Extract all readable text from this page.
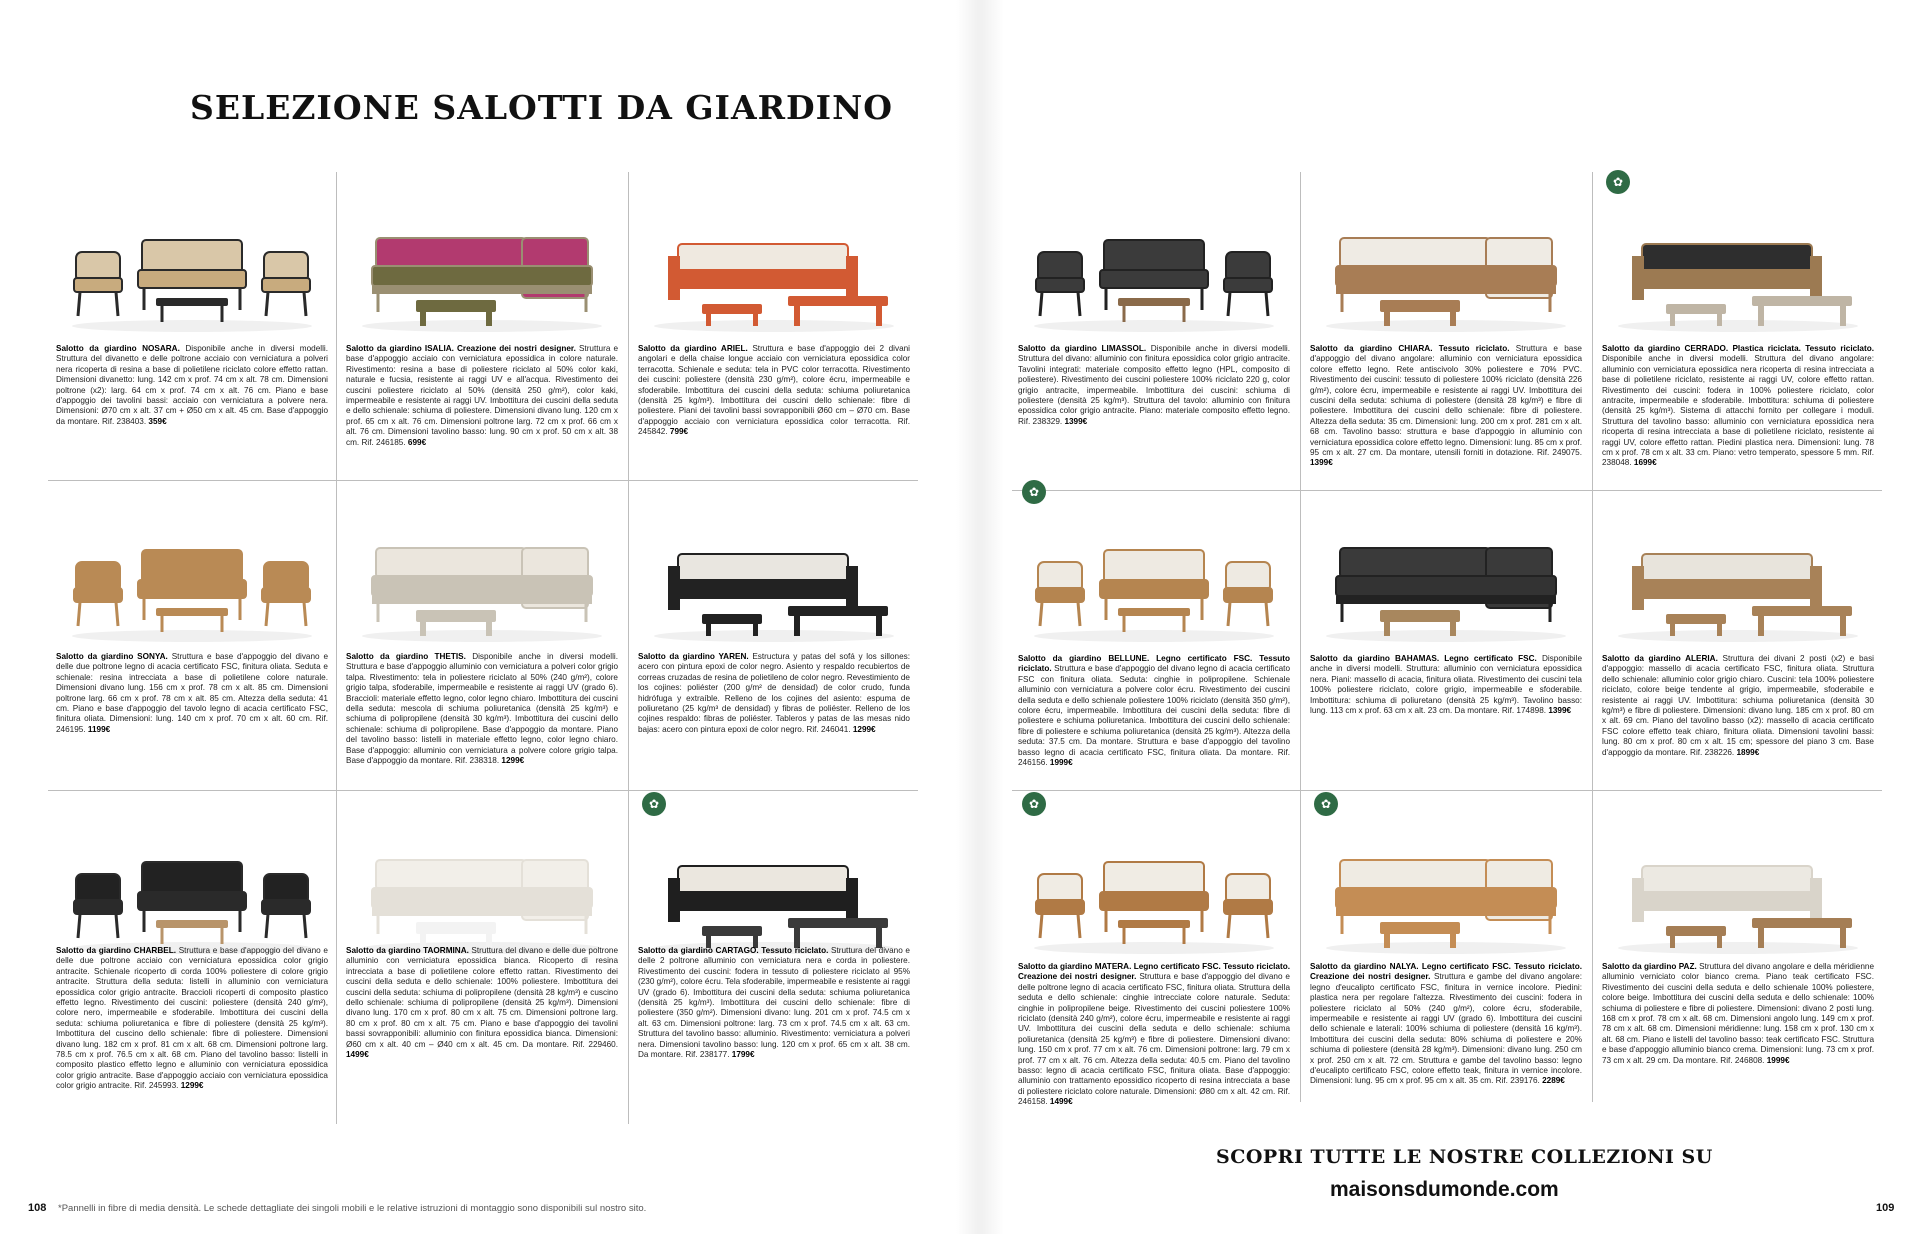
SELEZIONE SALOTTI DA GIARDINO
Salotto da giardino NOSARA. Disponibile anche in diversi modelli. Struttura del divanetto e delle poltrone acciaio con verniciatura a polveri nera ricoperta di resina a base di polietilene riciclato colore effetto rattan. Dimensioni divanetto: lung. 142 cm x prof. 74 cm x alt. 78 cm. Dimensioni poltrone (x2): larg. 64 cm x prof. 74 cm x alt. 76 cm. Piano e base d'appoggio dei tavolini bassi: acciaio con verniciatura a polvere nera. Dimensioni: Ø70 cm x alt. 37 cm + Ø50 cm x alt. 45 cm. Base d'appoggio da montare. Rif. 238403. 359€
Salotto da giardino ISALIA. Creazione dei nostri designer. Struttura e base d'appoggio acciaio con verniciatura epossidica in colore naturale. Rivestimento: resina a base di poliestere riciclato al 50% color kaki, naturale e fucsia, resistente ai raggi UV e all'acqua. Rivestimento dei cuscini poliestere riciclato al 50% (densità 250 g/m²), color kaki, impermeabile e resistente ai raggi UV. Imbottitura dei cuscini della seduta e dello schienale: schiuma di poliestere. Dimensioni divano lung. 120 cm x prof. 65 cm x alt. 76 cm. Dimensioni poltrone larg. 72 cm x prof. 66 cm x alt. 76 cm. Dimensioni tavolino basso: lung. 90 cm x prof. 50 cm x alt. 38 cm. Rif. 246185. 699€
Salotto da giardino ARIEL. Struttura e base d'appoggio dei 2 divani angolari e della chaise longue acciaio con verniciatura epossidica color terracotta. Schienale e seduta: tela in PVC color terracotta. Rivestimento dei cuscini: poliestere (densità 230 g/m²), colore écru, impermeabile e sfoderabile. Imbottitura dei cuscini della seduta: schiuma poliuretanica (densità 25 kg/m³). Imbottitura dei cuscini dello schienale: fibre di poliestere. Piani dei tavolini bassi sovrapponibili Ø60 cm – Ø70 cm. Base d'appoggio acciaio con verniciatura epossidica color terracotta. Rif. 245842. 799€
Salotto da giardino LIMASSOL. Disponibile anche in diversi modelli. Struttura del divano: alluminio con finitura epossidica color grigio antracite. Tavolini integrati: materiale composito effetto legno (HPL, composito di poliestere). Rivestimento dei cuscini poliestere 100% riciclato 220 g, color grigio antracite, impermeabile. Imbottitura dei cuscini: schiuma di poliestere (densità 25 kg/m³). Struttura del tavolo: alluminio con finitura epossidica color grigio antracite. Piano: materiale composito effetto legno. Rif. 238329. 1399€
Salotto da giardino CHIARA. Tessuto riciclato. Struttura e base d'appoggio del divano angolare: alluminio con verniciatura epossidica colore effetto legno. Rete antiscivolo 30% poliestere e 70% PVC. Rivestimento dei cuscini: tessuto di poliestere 100% riciclato (densità 226 g/m²), colore écru, impermeabile e resistente ai raggi UV. Imbottitura dei cuscini della seduta: schiuma di poliestere (densità 28 kg/m³) e fibre di poliestere. Imbottitura dei cuscini dello schienale: fibre di poliestere. Altezza della seduta: 35 cm. Dimensioni: lung. 200 cm x prof. 281 cm x alt. 68 cm. Tavolino basso: struttura e base d'appoggio in alluminio con verniciatura epossidica colore effetto legno. Dimensioni: lung. 85 cm x prof. 95 cm x alt. 27 cm. Da montare, utensili forniti in dotazione. Rif. 249075. 1399€
✿
Salotto da giardino CERRADO. Plastica riciclata. Tessuto riciclato. Disponibile anche in diversi modelli. Struttura del divano angolare: alluminio con verniciatura epossidica nera ricoperta di resina intrecciata a base di polietilene riciclato, resistente ai raggi UV, colore effetto rattan. Rivestimento dei cuscini: fodera in 100% poliestere riciclato, color antracite, impermeabile e sfoderabile. Imbottitura: schiuma di poliestere (densità 25 kg/m³). Sistema di attacchi fornito per collegare i moduli. Struttura del tavolino basso: alluminio con verniciatura epossidica nera ricoperta di resina intrecciata a base di polietilene riciclato, resistente ai raggi UV, colore effetto rattan. Piedini plastica nera. Dimensioni: lung. 78 cm x prof. 78 cm x alt. 33 cm. Piano: vetro temperato, spessore 5 mm. Rif. 238048. 1699€
Salotto da giardino SONYA. Struttura e base d'appoggio del divano e delle due poltrone legno di acacia certificato FSC, finitura oliata. Seduta e schienale: resina intrecciata a base di polietilene colore naturale. Dimensioni divano lung. 156 cm x prof. 78 cm x alt. 85 cm. Dimensioni poltrone larg. 66 cm x prof. 78 cm x alt. 85 cm. Altezza della seduta: 41 cm. Piano e base d'appoggio del tavolo legno di acacia certificato FSC, finitura oliata. Dimensioni: lung. 140 cm x prof. 70 cm x alt. 60 cm. Rif. 246195. 1199€
Salotto da giardino THETIS. Disponibile anche in diversi modelli. Struttura e base d'appoggio alluminio con verniciatura a polveri color grigio talpa. Rivestimento: tela in poliestere riciclato al 50% (240 g/m²), colore grigio talpa, sfoderabile, impermeabile e resistente ai raggi UV (grado 6). Braccioli: materiale effetto legno, color legno chiaro. Imbottitura dei cuscini della seduta: mescola di schiuma poliuretanica (densità 25 kg/m³) e schiuma di polipropilene (densità 30 kg/m³). Imbottitura dei cuscini dello schienale: schiuma di polipropilene. Base d'appoggio da montare. Piano del tavolino basso: listelli in materiale effetto legno, color legno chiaro. Base d'appoggio: alluminio con verniciatura a polvere colore grigio talpa. Base d'appoggio da montare. Rif. 238318. 1299€
Salotto da giardino YAREN. Estructura y patas del sofá y los sillones: acero con pintura epoxi de color negro. Asiento y respaldo recubiertos de correas cruzadas de resina de polietileno de color negro. Revestimiento de los cojines: poliéster (200 g/m² de densidad) de color crudo, funda hidrófuga y extraíble. Relleno de los cojines del asiento: espuma de poliuretano (25 kg/m³ de densidad) y fibras de poliéster. Relleno de los cojines respaldo: fibras de poliéster. Tableros y patas de las mesas nido bajas: acero con pintura epoxi de color negro. Rif. 246041. 1299€
✿
Salotto da giardino BELLUNE. Legno certificato FSC. Tessuto riciclato. Struttura e base d'appoggio del divano legno di acacia certificato FSC con finitura oliata. Seduta: cinghie in polipropilene. Schienale alluminio con verniciatura a polvere color écru. Rivestimento dei cuscini della seduta e dello schienale poliestere 100% riciclato (densità 350 g/m²), colore écru, impermeabile. Imbottitura dei cuscini della seduta: fibre di poliestere e schiuma poliuretanica. Imbottitura dei cuscini dello schienale: fibre di poliestere e schiuma poliuretanica (densità 25 kg/m³). Altezza della seduta: 37.5 cm. Da montare. Struttura e base d'appoggio del tavolino basso legno di acacia certificato FSC, finitura oliata. Da montare. Rif. 246156. 1999€
Salotto da giardino BAHAMAS. Legno certificato FSC. Disponibile anche in diversi modelli. Struttura: alluminio con verniciatura epossidica nera. Piani: massello di acacia, finitura oliata. Rivestimento dei cuscini tela 100% poliestere riciclato, colore grigio, impermeabile e sfoderabile. Imbottitura: schiuma di poliuretano (densità 25 kg/m³). Tavolino basso: lung. 113 cm x prof. 63 cm x alt. 23 cm. Da montare. Rif. 174898. 1399€
Salotto da giardino ALERIA. Struttura dei divani 2 posti (x2) e basi d'appoggio: massello di acacia certificato FSC, finitura oliata. Struttura dello schienale: alluminio color grigio chiaro. Cuscini: tela 100% poliestere riciclato, colore beige tendente al grigio, impermeabile, sfoderabile e resistente ai raggi UV. Imbottitura: schiuma poliuretanica (densità 30 kg/m³) e fibre di poliestere. Dimensioni: divano lung. 185 cm x prof. 80 cm x alt. 69 cm. Piano del tavolino basso (x2): massello di acacia certificato FSC colore effetto teak chiaro, finitura oliata. Dimensioni tavolini bassi: lung. 80 cm x prof. 80 cm x alt. 15 cm; spessore del piano 3 cm. Base d'appoggio da montare. Rif. 238226. 1899€
Salotto da giardino CHARBEL. Struttura e base d'appoggio del divano e delle due poltrone acciaio con verniciatura epossidica color grigio antracite. Schienale ricoperto di corda 100% poliestere di colore grigio antracite. Struttura della seduta: listelli in alluminio con verniciatura epossidica color grigio antracite. Braccioli ricoperti di composito plastico effetto legno. Rivestimento dei cuscini: poliestere (densità 240 g/m²), colore nero, impermeabile e sfoderabile. Imbottitura dei cuscini della seduta: schiuma poliuretanica e fibre di poliestere (densità 25 kg/m³). Imbottitura del cuscino dello schienale: fibre di poliestere. Dimensioni divano lung. 182 cm x prof. 81 cm x alt. 68 cm. Dimensioni poltrone larg. 78.5 cm x prof. 76.5 cm x alt. 68 cm. Piano del tavolino basso: listelli in composito plastico effetto legno e alluminio con verniciatura epossidica color grigio antracite. Base d'appoggio acciaio con verniciatura epossidica color grigio antracite. Rif. 245993. 1299€
Salotto da giardino TAORMINA. Struttura del divano e delle due poltrone alluminio con verniciatura epossidica bianca. Ricoperto di resina intrecciata a base di polietilene colore effetto rattan. Rivestimento dei cuscini della seduta e dello schienale: 100% poliestere. Imbottitura dei cuscini della seduta: schiuma di polipropilene (densità 28 kg/m³) e cuscino dello schienale: schiuma di polipropilene (densità 25 kg/m³). Dimensioni divano lung. 170 cm x prof. 80 cm x alt. 75 cm. Dimensioni poltrone larg. 80 cm x prof. 80 cm x alt. 75 cm. Piano e base d'appoggio dei tavolini bassi sovrapponibili: alluminio con finitura epossidica bianca. Dimensioni: Ø60 cm x alt. 40 cm – Ø40 cm x alt. 45 cm. Da montare. Rif. 229460. 1499€
✿
Salotto da giardino CARTAGO. Tessuto riciclato. Struttura del divano e delle 2 poltrone alluminio con verniciatura nera e corda in poliestere. Rivestimento dei cuscini: fodera in tessuto di poliestere riciclato al 95% (230 g/m²), colore écru. Tela sfoderabile, impermeabile e resistente ai raggi UV (grado 6). Imbottitura dei cuscini della seduta: schiuma poliuretanica (densità 25 kg/m³). Imbottitura dei cuscini dello schienale: fibre di poliestere (350 g/m²). Dimensioni divano: lung. 201 cm x prof. 74.5 cm x alt. 63 cm. Dimensioni poltrone: larg. 73 cm x prof. 74.5 cm x alt. 63 cm. Struttura del tavolino basso: alluminio. Rivestimento: verniciatura a polveri nera. Dimensioni tavolino basso: lung. 120 cm x prof. 65 cm x alt. 38 cm. Da montare. Rif. 238177. 1799€
✿
Salotto da giardino MATERA. Legno certificato FSC. Tessuto riciclato. Creazione dei nostri designer. Struttura e base d'appoggio del divano e delle poltrone legno di acacia certificato FSC, finitura oliata. Struttura della seduta e dello schienale: cinghie intrecciate colore naturale. Seduta: cinghie in polipropilene beige. Rivestimento dei cuscini poliestere 100% riciclato (densità 240 g/m²), colore écru, impermeabile e resistente ai raggi UV. Imbottitura dei cuscini della seduta e dello schienale: schiuma poliuretanica (densità 25 kg/m³) e fibre di poliestere. Dimensioni divano: lung. 150 cm x prof. 77 cm x alt. 76 cm. Dimensioni poltrone: larg. 79 cm x prof. 77 cm x alt. 76 cm. Altezza della seduta: 40.5 cm. Piano del tavolino basso: legno di acacia certificato FSC, finitura oliata. Base d'appoggio: alluminio con trattamento epossidico ricoperto di resina intrecciata a base di poliestere riciclato colore naturale. Dimensioni: Ø80 cm x alt. 42 cm. Rif. 246158. 1499€
✿
Salotto da giardino NALYA. Legno certificato FSC. Tessuto riciclato. Creazione dei nostri designer. Struttura e gambe del divano angolare: legno d'eucalipto certificato FSC, finitura in vernice incolore. Piedini: plastica nera per regolare l'altezza. Rivestimento dei cuscini: fodera in poliestere riciclato al 50% (240 g/m²), colore écru, sfoderabile, impermeabile e resistente ai raggi UV (grado 6). Imbottitura dei cuscini dello schienale e laterali: 100% schiuma di poliestere (densità 16 kg/m³). Imbottitura dei cuscini della seduta: 80% schiuma di poliestere e 20% schiuma di poliestere (densità 28 kg/m³). Dimensioni: divano lung. 250 cm x prof. 250 cm x alt. 72 cm. Struttura e gambe del tavolino basso: legno d'eucalipto certificato FSC, colore effetto teak, finitura in vernice incolore. Dimensioni: lung. 95 cm x prof. 95 cm x alt. 35 cm. Rif. 239176. 2289€
Salotto da giardino PAZ. Struttura del divano angolare e della méridienne alluminio verniciato color bianco crema. Piano teak certificato FSC. Rivestimento dei cuscini della seduta e dello schienale 100% poliestere, colore beige. Imbottitura dei cuscini della seduta e dello schienale: 100% schiuma di poliestere e fibre di poliestere. Dimensioni: divano 2 posti lung. 168 cm x prof. 78 cm x alt. 68 cm. Dimensioni angolo lung. 149 cm x prof. 78 cm x alt. 68 cm. Dimensioni méridienne: lung. 158 cm x prof. 130 cm x alt. 68 cm. Piano e listelli del tavolino basso: teak certificato FSC. Struttura e base d'appoggio alluminio bianco crema. Dimensioni: lung. 73 cm x prof. 73 cm x alt. 29 cm. Da montare. Rif. 246808. 1999€
SCOPRI TUTTE LE NOSTRE COLLEZIONI SU
maisonsdumonde.com
108	109
*Pannelli in fibre di media densità. Le schede dettagliate dei singoli mobili e le relative istruzioni di montaggio sono disponibili sul nostro sito.
